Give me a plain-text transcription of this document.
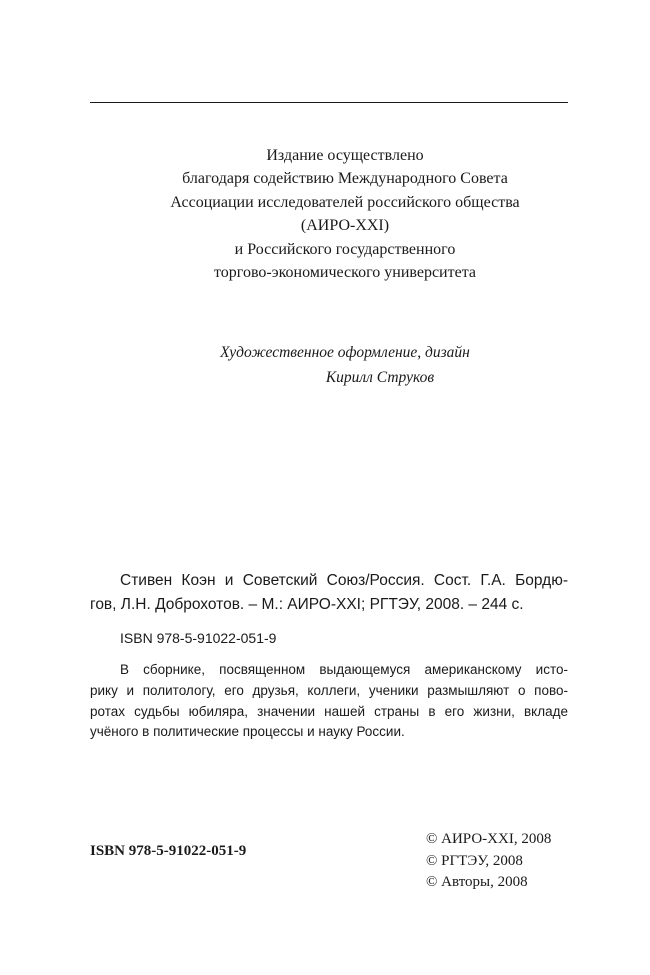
Издание осуществлено
благодаря содействию Международного Совета
Ассоциации исследователей российского общества
(АИРО-XXI)
и Российского государственного
торгово-экономического университета
Художественное оформление, дизайн
Кирилл Струков
Стивен Коэн и Советский Союз/Россия. Сост. Г.А. Бордю-
гов, Л.Н. Доброхотов. – М.: АИРО-XXI; РГТЭУ, 2008. – 244 с.
ISBN 978-5-91022-051-9
В сборнике, посвященном выдающемуся американскому исто-
рику и политологу, его друзья, коллеги, ученики размышляют о пово-
ротах судьбы юбиляра, значении нашей страны в его жизни, вкладе
учёного в политические процессы и науку России.
ISBN 978-5-91022-051-9
© АИРО-XXI, 2008
© РГТЭУ, 2008
© Авторы, 2008
